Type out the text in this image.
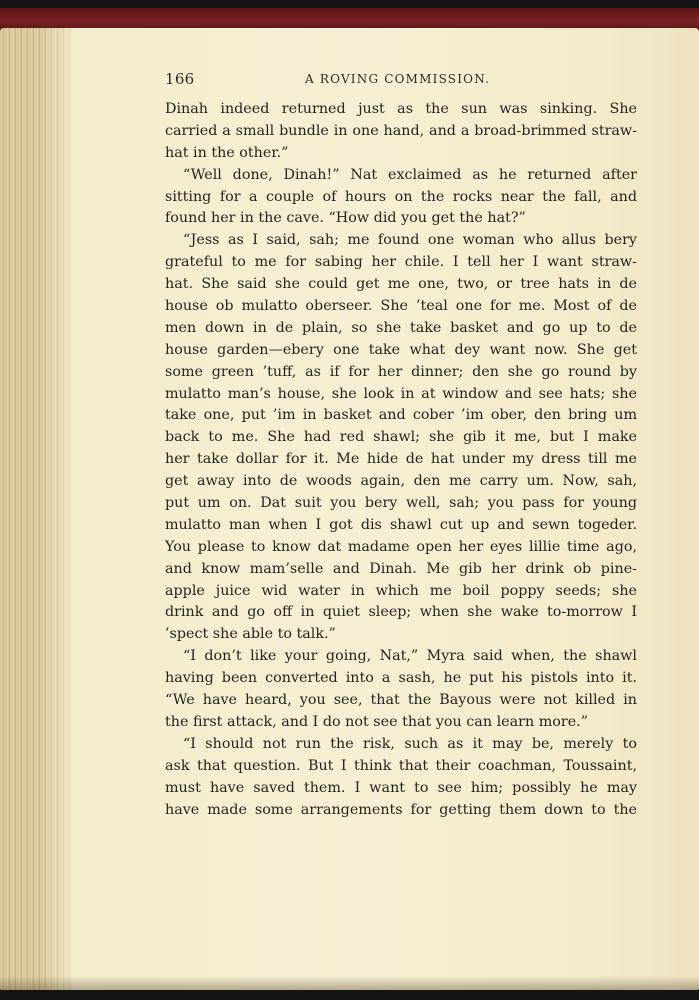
166	A ROVING COMMISSION.
Dinah indeed returned just as the sun was sinking. She
carried a small bundle in one hand, and a broad-brimmed straw-
hat in the other.”
“Well done, Dinah!” Nat exclaimed as he returned after
sitting for a couple of hours on the rocks near the fall, and
found her in the cave. “How did you get the hat?”
“Jess as I said, sah; me found one woman who allus bery
grateful to me for sabing her chile. I tell her I want straw-
hat. She said she could get me one, two, or tree hats in de
house ob mulatto oberseer. She ’teal one for me. Most of de
men down in de plain, so she take basket and go up to de
house garden—ebery one take what dey want now. She get
some green ’tuff, as if for her dinner; den she go round by
mulatto man’s house, she look in at window and see hats; she
take one, put ’im in basket and cober ’im ober, den bring um
back to me. She had red shawl; she gib it me, but I make
her take dollar for it. Me hide de hat under my dress till me
get away into de woods again, den me carry um. Now, sah,
put um on. Dat suit you bery well, sah; you pass for young
mulatto man when I got dis shawl cut up and sewn togeder.
You please to know dat madame open her eyes lillie time ago,
and know mam’selle and Dinah. Me gib her drink ob pine-
apple juice wid water in which me boil poppy seeds; she
drink and go off in quiet sleep; when she wake to-morrow I
’spect she able to talk.”
“I don’t like your going, Nat,” Myra said when, the shawl
having been converted into a sash, he put his pistols into it.
“We have heard, you see, that the Bayous were not killed in
the first attack, and I do not see that you can learn more.”
“I should not run the risk, such as it may be, merely to
ask that question. But I think that their coachman, Toussaint,
must have saved them. I want to see him; possibly he may
have made some arrangements for getting them down to the
